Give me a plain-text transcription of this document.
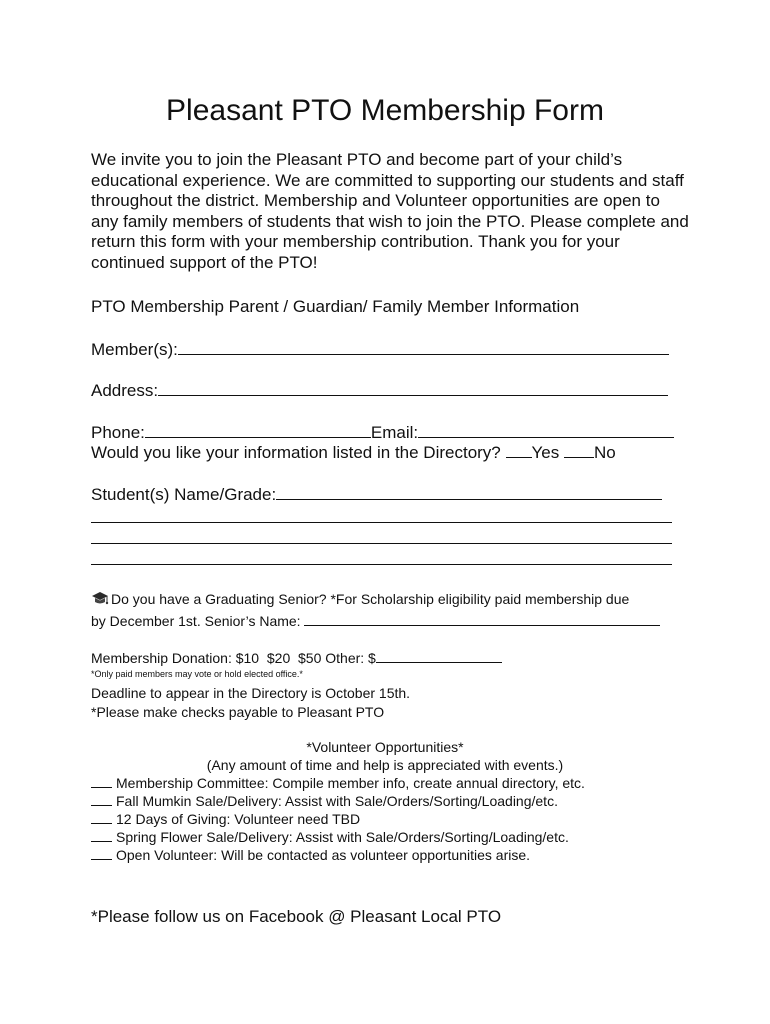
Pleasant PTO Membership Form

We invite you to join the Pleasant PTO and become part of your child’s educational experience. We are committed to supporting our students and staff throughout the district. Membership and Volunteer opportunities are open to any family members of students that wish to join the PTO. Please complete and return this form with your membership contribution. Thank you for your continued support of the PTO!

PTO Membership Parent / Guardian/ Family Member Information
Member(s):
Address:
Phone:	Email:
Would you like your information listed in the Directory? Yes No
Student(s) Name/Grade:
Do you have a Graduating Senior? *For Scholarship eligibility paid membership due
by December 1st. Senior’s Name:
Membership Donation: $10  $20  $50 Other: $
*Only paid members may vote or hold elected office.*
Deadline to appear in the Directory is October 15th.
*Please make checks payable to Pleasant PTO

*Volunteer Opportunities*

(Any amount of time and help is appreciated with events.)

Membership Committee: Compile member info, create annual directory, etc.
Fall Mumkin Sale/Delivery: Assist with Sale/Orders/Sorting/Loading/etc.
12 Days of Giving: Volunteer need TBD
Spring Flower Sale/Delivery: Assist with Sale/Orders/Sorting/Loading/etc.
Open Volunteer: Will be contacted as volunteer opportunities arise.
*Please follow us on Facebook @ Pleasant Local PTO
